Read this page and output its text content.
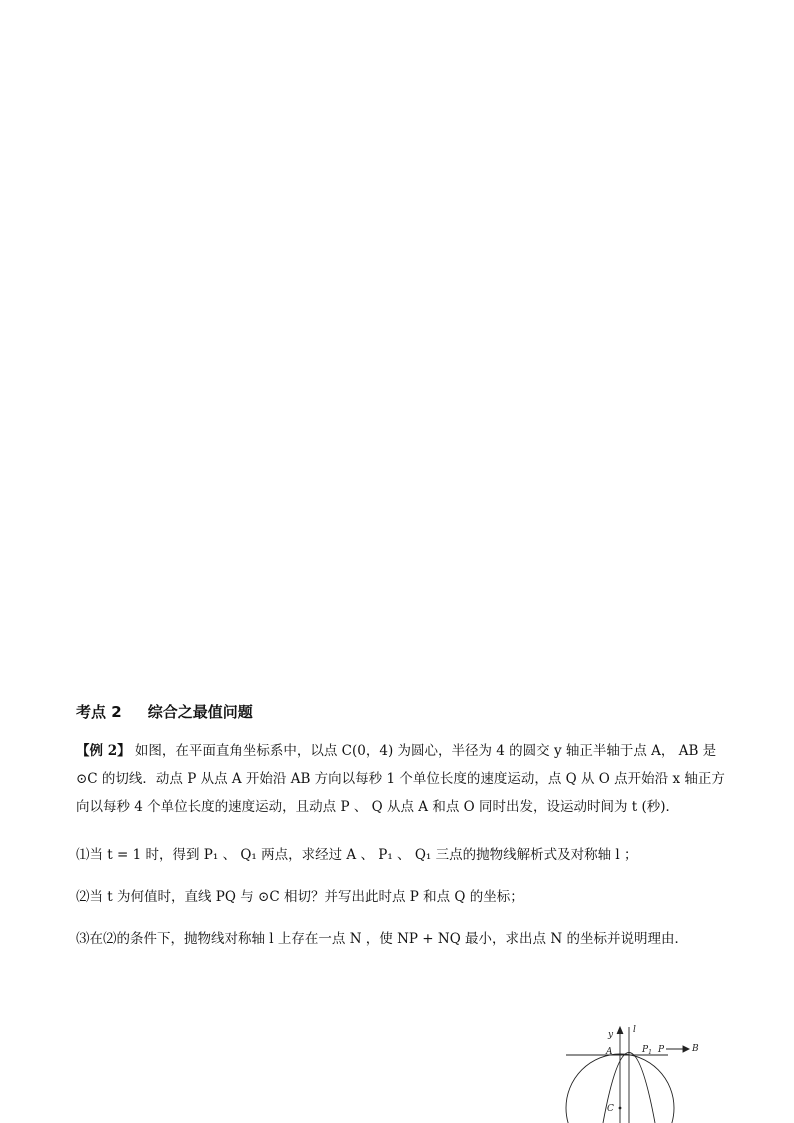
考点 2 综合之最值问题
【例 2】 如图，在平面直角坐标系中，以点 C(0，4) 为圆心，半径为 4 的圆交 y 轴正半轴于点 A， AB 是 ⊙C 的切线．动点 P 从点 A 开始沿 AB 方向以每秒 1 个单位长度的速度运动，点 Q 从 O 点开始沿 x 轴正方向以每秒 4 个单位长度的速度运动，且动点 P 、 Q 从点 A 和点 O 同时出发，设运动时间为 t (秒)．
⑴当 t = 1 时，得到 P₁ 、 Q₁ 两点，求经过 A 、 P₁ 、 Q₁ 三点的抛物线解析式及对称轴 l ；
⑵当 t 为何值时，直线 PQ 与 ⊙C 相切？并写出此时点 P 和点 Q 的坐标；
⑶在⑵的条件下，抛物线对称轴 l 上存在一点 N ，使 NP + NQ 最小，求出点 N 的坐标并说明理由．
y l
A	$P_1$ P	B
C
